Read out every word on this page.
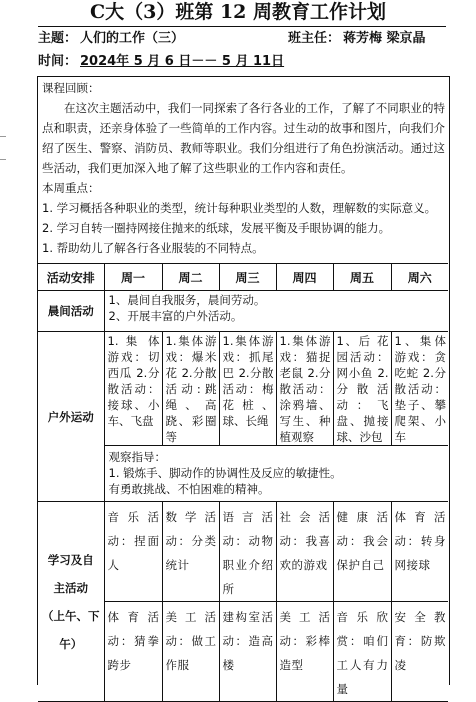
C大（3）班第 12 周教育工作计划
主题： 人们的工作（三）	班主任： 蒋芳梅 梁京晶
时间： 2024年 5 月 6 日－－ 5 月 11日

课程回顾：

在这次主题活动中，我们一同探索了各行各业的工作，了解了不同职业的特点和职责，还亲身体验了一些简单的工作内容。过生动的故事和图片，向我们介绍了医生、警察、消防员、教师等职业。我们分组进行了角色扮演活动。通过这些活动，我们更加深入地了解了这些职业的工作内容和责任。

本周重点：

1. 学习概括各种职业的类型，统计每种职业类型的人数，理解数的实际意义。

2. 学习自转一圈持网接住抛来的纸球，发展平衡及手眼协调的能力。

1. 帮助幼儿了解各行各业服装的不同特点。

活动安排	周一	周二	周三	周四	周五	周六
晨间活动	1、晨间自我服务，晨间劳动。

2、开展丰富的户外活动。					

户外运动	1. 集 体游戏：切西瓜 2.分散活动：接球、小车、飞盘	1.集体游戏：爆米花 2.分散活动:跳绳、高跷、彩圈等	1.集体游戏：抓尾巴 2.分散活动：梅花桩、球、长绳	1.集体游戏：猫捉老鼠 2.分散活动：涂鸦墙、写生、种植观察	1、后 花园活动：网小鱼 2.分散活动：飞盘、抛接球、沙包	1、集体游戏：贪吃蛇 2.分散活动：垫子、攀爬架、小车

	观察指导：

1. 锻炼手、脚动作的协调性及反应的敏捷性。

有勇敢挑战、不怕困难的精神。					

学习及自
主活动
（上午、下
午）	音 乐 活 动：捏面人	数 学 活 动：分类统计	语 言 活 动：动物职业介绍所	社 会 活 动：我喜欢的游戏	健 康 活 动：我会保护自己	体 育 活 动：转身网接球
	体 育 活 动：猜拳跨步	美 工 活 动：做工作服	建构室活动：造高楼	美 工 活 动：彩棒造型	音 乐 欣 赏：咱们工人有力量	安 全 教育：防欺凌
